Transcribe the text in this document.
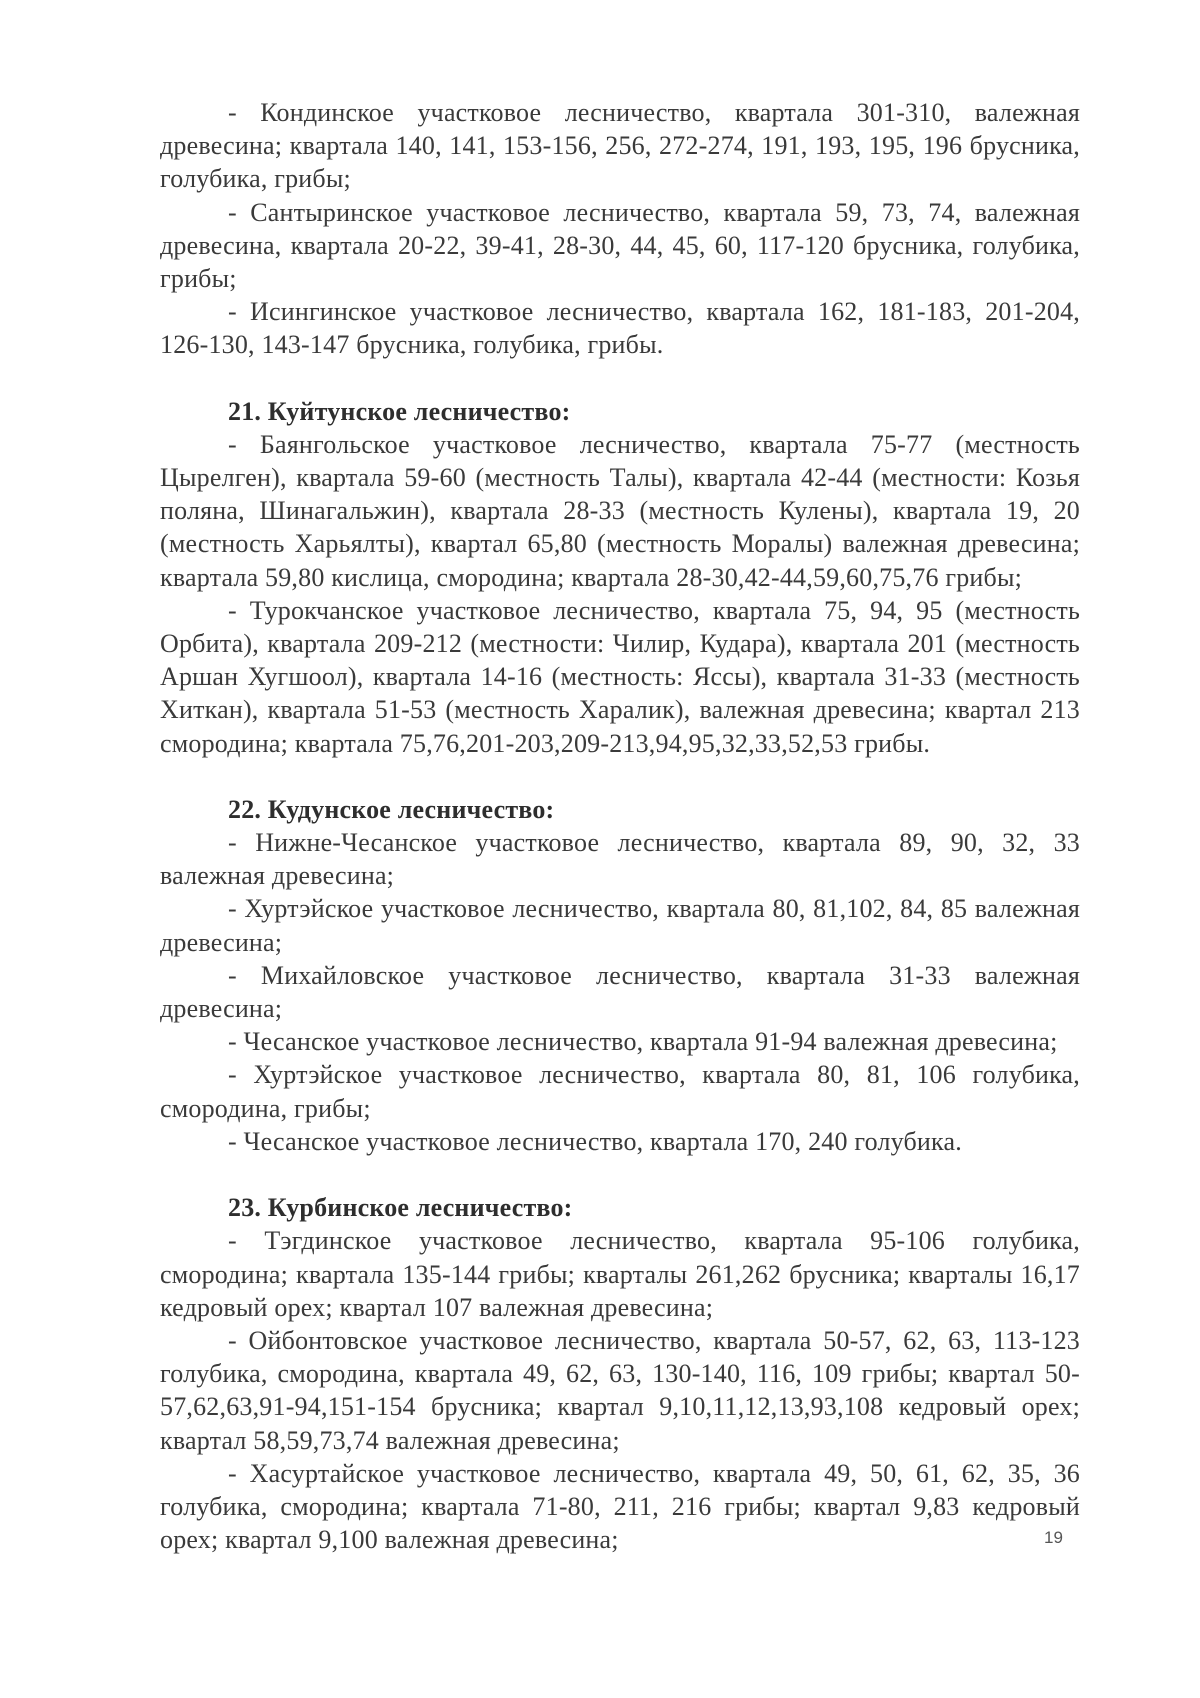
- Кондинское участковое лесничество, квартала 301-310, валежная древесина; квартала 140, 141, 153-156, 256, 272-274, 191, 193, 195, 196 брусника, голубика, грибы;

- Сантыринское участковое лесничество, квартала 59, 73, 74, валежная древесина, квартала 20-22, 39-41, 28-30, 44, 45, 60, 117-120 брусника, голубика, грибы;

- Исингинское участковое лесничество, квартала 162, 181-183, 201-204, 126-130, 143-147 брусника, голубика, грибы.

21. Куйтунское лесничество:

- Баянгольское участковое лесничество, квартала 75-77 (местность Цырелген), квартала 59-60 (местность Талы), квартала 42-44 (местности: Козья поляна, Шинагальжин), квартала 28-33 (местность Кулены), квартала 19, 20 (местность Харьялты), квартал 65,80 (местность Моралы) валежная древесина; квартала 59,80 кислица, смородина; квартала 28-30,42-44,59,60,75,76 грибы;

- Турокчанское участковое лесничество, квартала 75, 94, 95 (местность Орбита), квартала 209-212 (местности: Чилир, Кудара), квартала 201 (местность Аршан Хугшоол), квартала 14-16 (местность: Яссы), квартала 31-33 (местность Хиткан), квартала 51-53 (местность Харалик), валежная древесина; квартал 213 смородина; квартала 75,76,201-203,209-213,94,95,32,33,52,53 грибы.

22. Кудунское лесничество:

- Нижне-Чесанское участковое лесничество, квартала 89, 90, 32, 33 валежная древесина;

- Хуртэйское участковое лесничество, квартала 80, 81,102, 84, 85 валежная древесина;

- Михайловское участковое лесничество, квартала 31-33 валежная древесина;

- Чесанское участковое лесничество, квартала 91-94 валежная древесина;

- Хуртэйское участковое лесничество, квартала 80, 81, 106 голубика, смородина, грибы;

- Чесанское участковое лесничество, квартала 170, 240 голубика.

23. Курбинское лесничество:

- Тэгдинское участковое лесничество, квартала 95-106 голубика, смородина; квартала 135-144 грибы; кварталы 261,262 брусника; кварталы 16,17 кедровый орех; квартал 107 валежная древесина;

- Ойбонтовское участковое лесничество, квартала 50-57, 62, 63, 113-123 голубика, смородина, квартала 49, 62, 63, 130-140, 116, 109 грибы; квартал 50-57,62,63,91-94,151-154 брусника; квартал 9,10,11,12,13,93,108 кедровый орех; квартал 58,59,73,74 валежная древесина;

- Хасуртайское участковое лесничество, квартала 49, 50, 61, 62, 35, 36 голубика, смородина; квартала 71-80, 211, 216 грибы; квартал 9,83 кедровый орех; квартал 9,100 валежная древесина;	19
